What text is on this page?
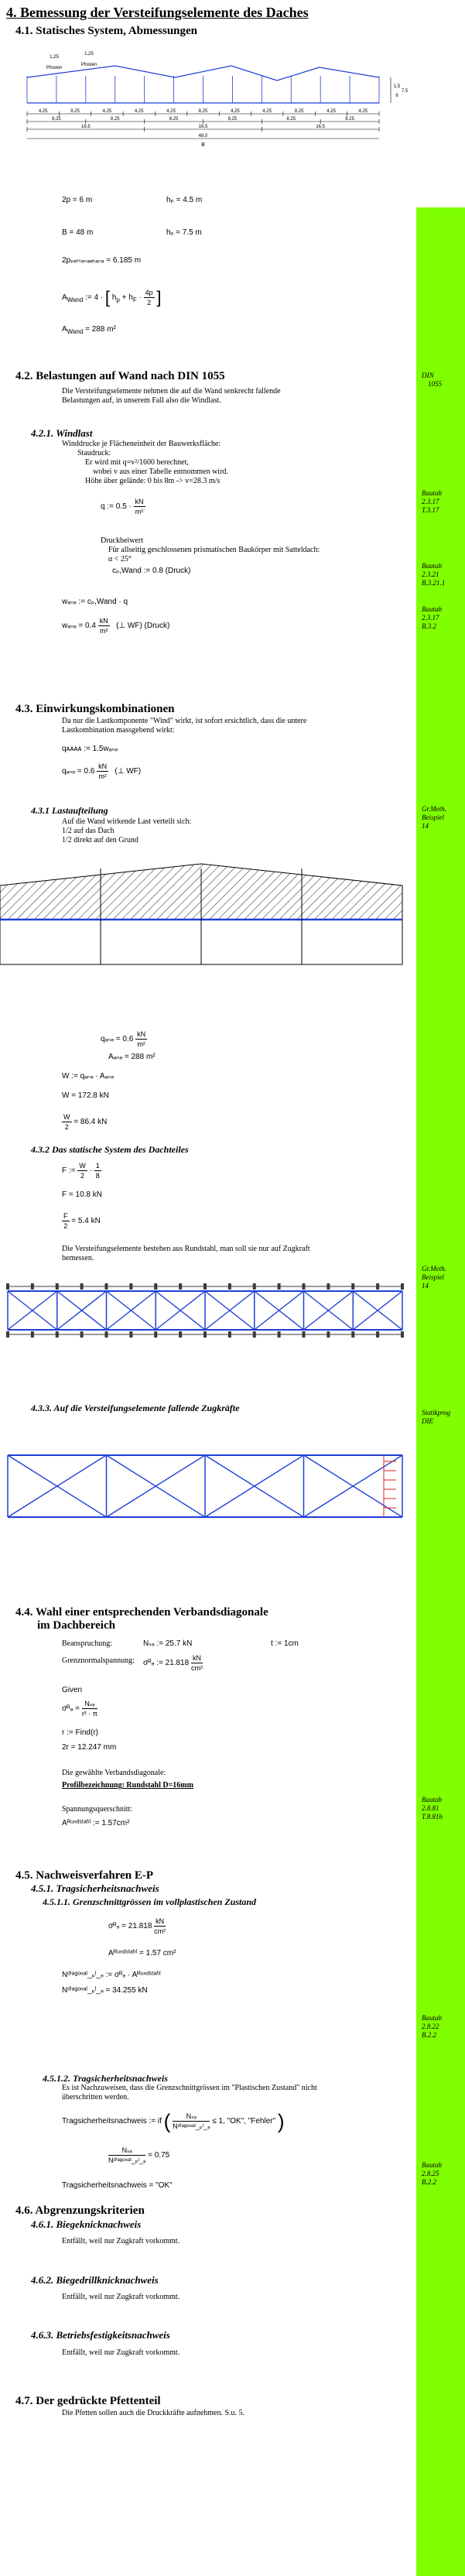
4. Bemessung der Versteifungselemente des Daches
4.1. Statisches System, Abmessungen
1,25
1,25
Pfosten
Pfosten
4,25	8,25	4,25	4,25	4,25	8,25	4,25	4,25	8,25	4,25	4,25
8,25	8,25	8,25	8,25	8,25	8,25
16,5	16,5	16,5
48,0
B
1,5
6
7,5
2p = 6 m	hₚ = 4.5 m
B = 48 m	hₒ = 7.5 m
2pₚₑₜₜₑₙₐₑₜₐₙₔ = 6.185 m
$A_{Wand}$ := 4 · [ $h_p + h_F \cdot \frac{4p}{2}$ ]
$A_{Wand} = 288$ m²
4.2. Belastungen auf Wand nach DIN 1055
Die Versteifungselemente nehmen die auf die Wand senkrecht fallende
Belastungen auf, in unserem Fall also die Windlast.
4.2.1. Windlast
Winddrucke je Flächeneinheit der Bauwerksfläche:
Staudruck:
Er wird mit q=v²/1600 berechnet,
wobei v aus einer Tabelle entnommen wird.
Höhe über gelände: 0 bis 8m -> v=28.3 m/s
q := $0.5 \cdot \frac{kN}{\text{m²}}$
Druckbeiwert
Für allseitig geschlossenen prismatischen Baukörper mit Satteldach:
α < 25°
cₚ,Wand := 0.8 (Druck)
wₐₙₔ := cₚ,Wand · q
wₐₙₔ = $0.4 \frac{kN}{\text{m²}}$ (⊥ WF) (Druck)
4.3. Einwirkungskombinationen
Da nur die Lastkomponente "Wind" wirkt, ist sofort ersichtlich, dass die untere
Lastkombination massgebend wirkt:
qᴀᴀᴀᴀ := 1.5wₐₙₔ
qₐₙₔ = $0.6 \frac{kN}{\text{m²}}$ (⊥ WF)
4.3.1 Lastaufteilung
Auf die Wand wirkende Last verteilt sich:
1/2 auf das Dach
1/2 direkt auf den Grund
qₐₙₔ = $0.6 \frac{kN}{\text{m²}}$
Aₐₙₔ = 288 m²
W := qₐₙₔ · Aₐₙₔ
W = 172.8 kN
$\frac{W}{2} = 86.4$ kN
4.3.2 Das statische System des Dachteiles
F := $\frac{W}{2} \cdot \frac{1}{8}$
F = 10.8 kN
$\frac{F}{2} = 5.4$ kN
Die Versteifungselemente bestehen aus Rundstahl, man soll sie nur auf Zugkraft
bemessen.
4.3.3. Auf die Versteifungselemente fallende Zugkräfte
4.4. Wahl einer entsprechenden Verbandsdiagonale
im Dachbereich
Beanspruchung:	Nₛₔ := 25.7 kN	t := 1cm
Grenznormalspannung: σᴿₔ := $21.818 \frac{kN}{\text{cm²}}$
Given
σᴿₔ = $\frac{\text{Nₛₔ}}{\text{r² · π}}$
r := Find(r)
2r = 12.247 mm
Die gewählte Verbandsdiagonale:
Profilbezeichnung: Rundstahl D=16mm
Spannungsquerschnitt:
Aᴿᵘⁿᵈˢᵗᵃʰˡ := 1.57cm²
4.5. Nachweisverfahren E-P
4.5.1. Tragsicherheitsnachweis
4.5.1.1. Grenzschnittgrössen im vollplastischen Zustand
σᴿₔ = $21.818 \frac{kN}{\text{cm²}}$
Aᴿᵘⁿᵈˢᵗᵃʰˡ = 1.57 cm²
Nᵈⁱᵃᵍᵒⁿᵃˡ_ₚˡ_ₔ := σᴿₔ · Aᴿᵘⁿᵈˢᵗᵃʰˡ
Nᵈⁱᵃᵍᵒⁿᵃˡ_ₚˡ_ₔ = 34.255 kN
4.5.1.2. Tragsicherheitsnachweis
Es ist Nachzuweisen, dass die Grenzschnittgrössen im "Plastischen Zustand" nicht
überschritten werden.
Tragsicherheitsnachweis := if ( $\frac{\text{Nₛₔ}}{\text{Nᵈⁱᵃᵍᵒⁿᵃˡ\_ₚˡ\_ₔ}} \le 1$, "OK", "Fehler" )
$\frac{\text{Nₛₔ}}{\text{Nᵈⁱᵃᵍᵒⁿᵃˡ\_ₚˡ\_ₔ}} = 0.75$
Tragsicherheitsnachweis = "OK"
4.6. Abgrenzungskriterien
4.6.1. Biegeknicknachweis
Entfällt, weil nur Zugkraft vorkommt.
4.6.2. Biegedrillknicknachweis
Entfällt, weil nur Zugkraft vorkommt.
4.6.3. Betriebsfestigkeitsnachweis
Entfällt, weil nur Zugkraft vorkommt.
4.7. Der gedrückte Pfettenteil
Die Pfetten sollen auch die Druckkräfte aufnehmen. S.u. 5.
DIN
1055
Bautab
2.3.17
T.3.17
Bautab
2.3.21
B.3.21.1
Bautab
2.3.17
B.3.2
Gr.Meth.
Beispiel
14
Gr.Meth.
Beispiel
14
Statikprog
DIE
Bautab
2.8.81
T.8.81b
Bautab
2.8.22
B.2.2
Bautab
2.8.25
B.2.2
